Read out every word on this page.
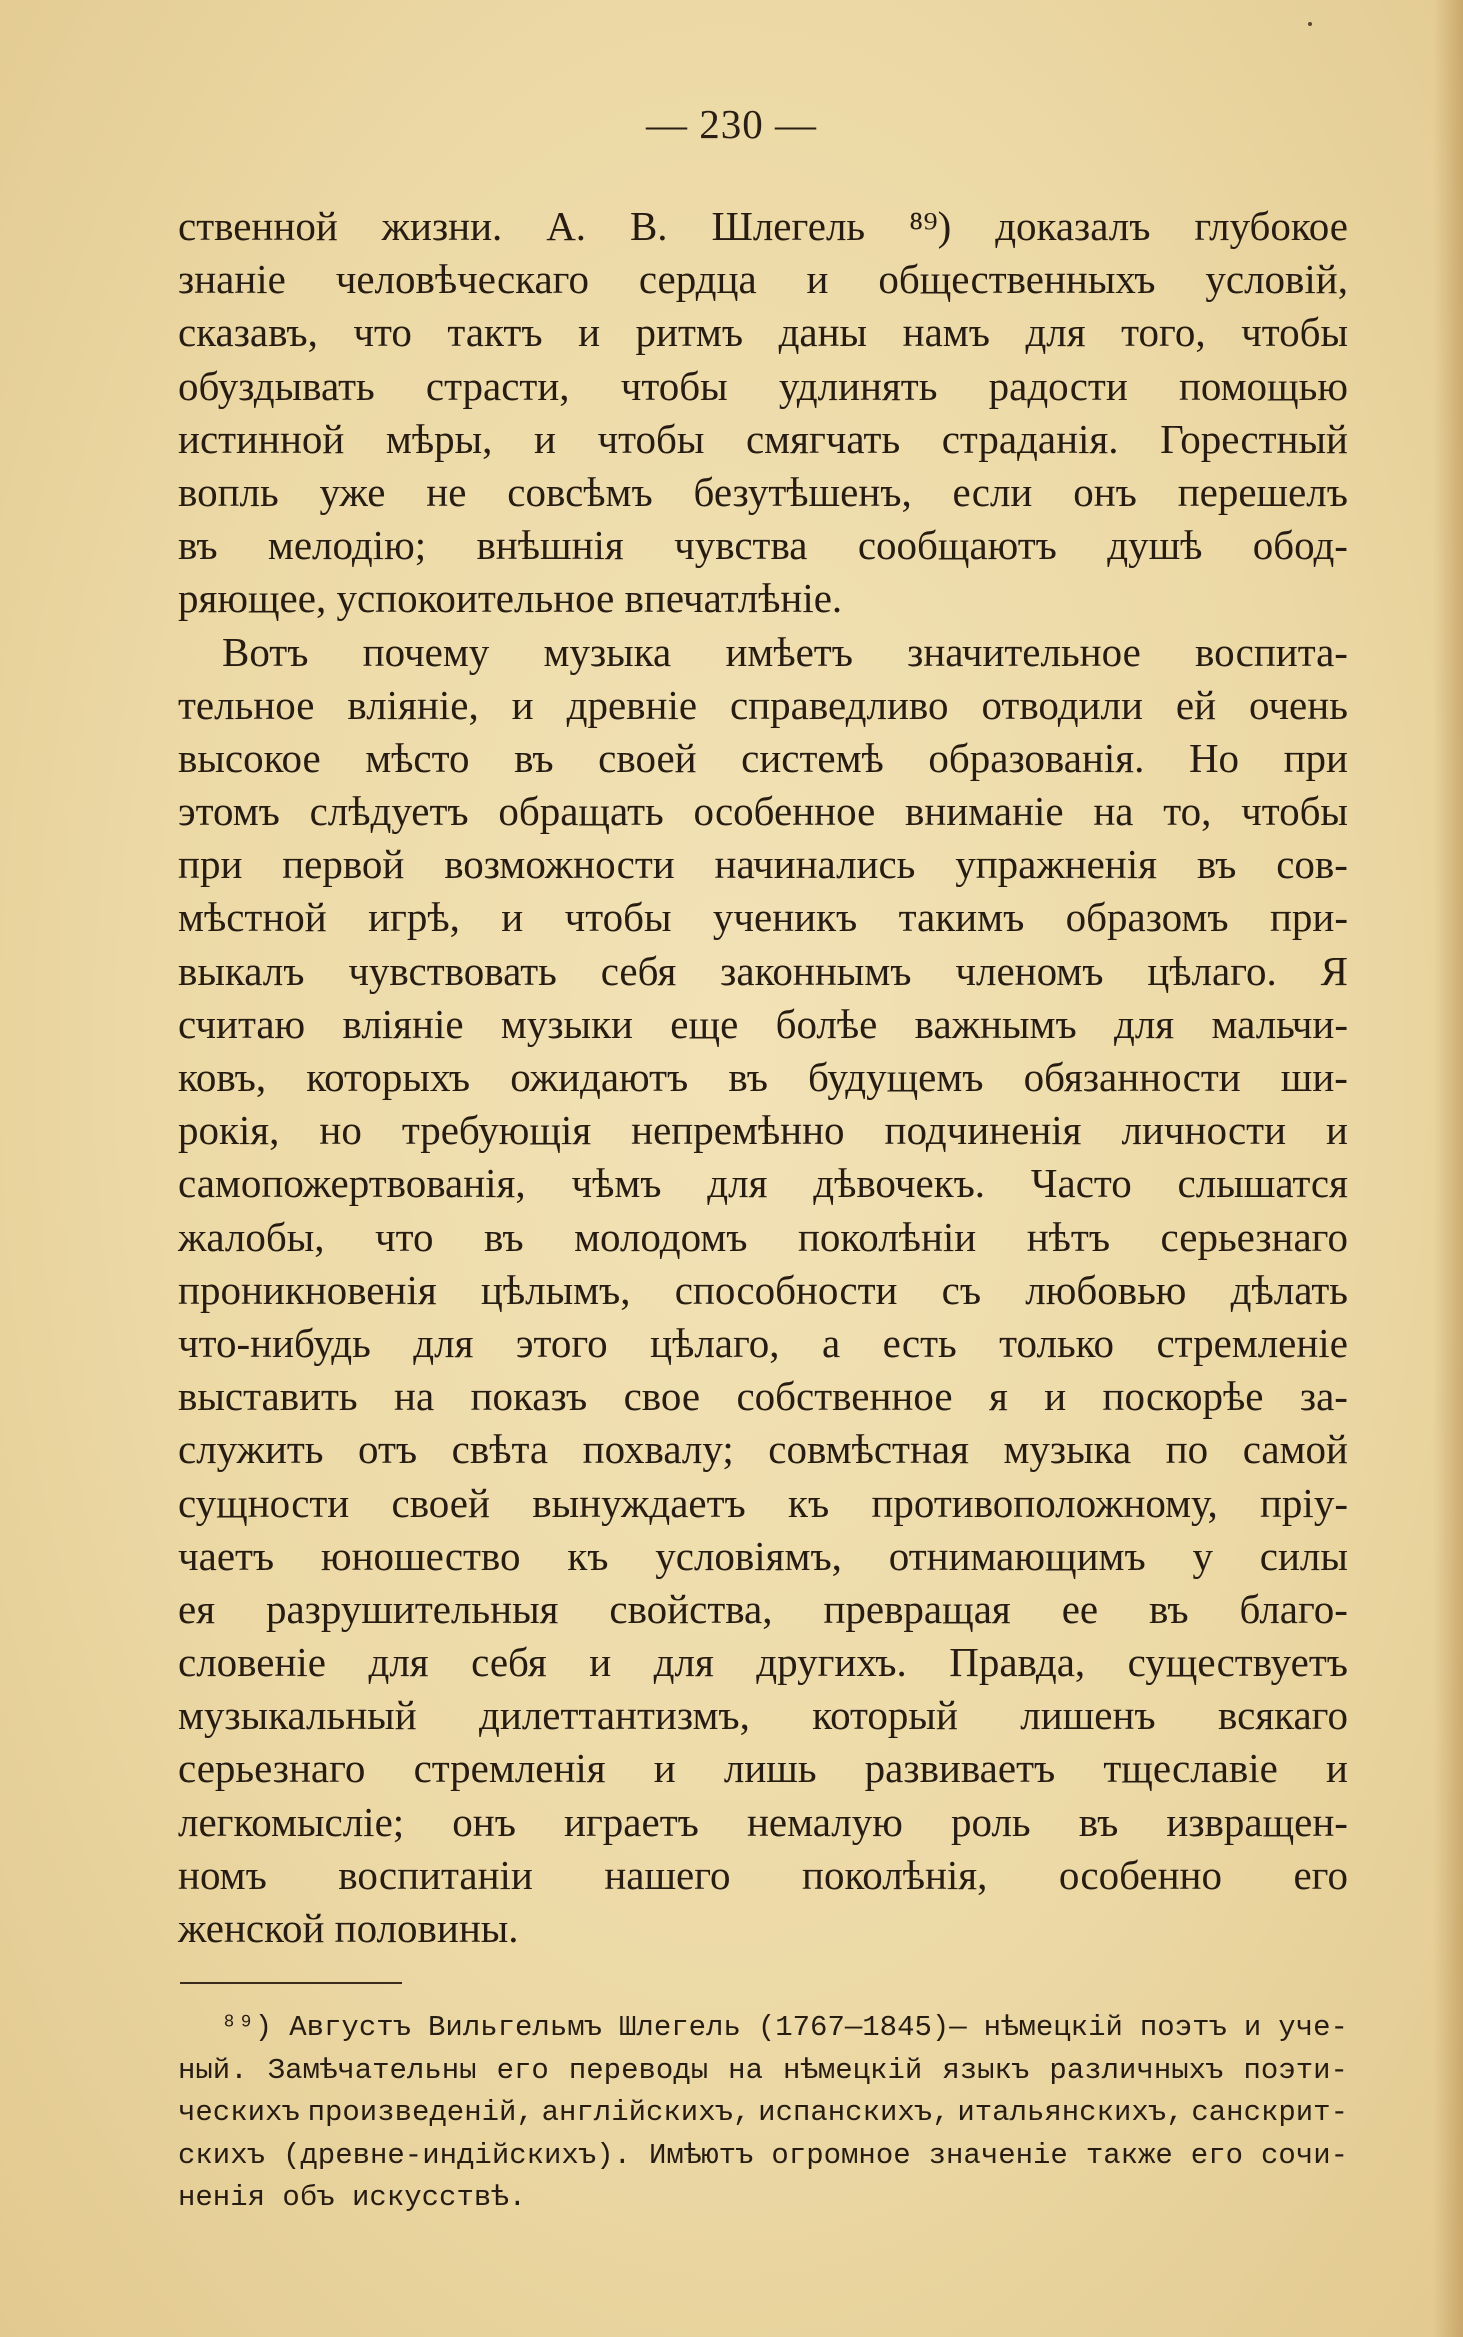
— 230 —
ственной жизни. А. В. Шлегель ⁸⁹) доказалъ глубокое
знаніе человѣческаго сердца и общественныхъ условій,
сказавъ, что тактъ и ритмъ даны намъ для того, чтобы
обуздывать страсти, чтобы удлинять радости помощью
истинной мѣры, и чтобы смягчать страданія. Горестный
вопль уже не совсѣмъ безутѣшенъ, если онъ перешелъ
въ мелодію; внѣшнія чувства сообщаютъ душѣ обод-
ряющее, успокоительное впечатлѣніе.
Вотъ почему музыка имѣетъ значительное воспита-
тельное вліяніе, и древніе справедливо отводили ей очень
высокое мѣсто въ своей системѣ образованія. Но при
этомъ слѣдуетъ обращать особенное вниманіе на то, чтобы
при первой возможности начинались упражненія въ сов-
мѣстной игрѣ, и чтобы ученикъ такимъ образомъ при-
выкалъ чувствовать себя законнымъ членомъ цѣлаго. Я
считаю вліяніе музыки еще болѣе важнымъ для мальчи-
ковъ, которыхъ ожидаютъ въ будущемъ обязанности ши-
рокія, но требующія непремѣнно подчиненія личности и
самопожертвованія, чѣмъ для дѣвочекъ. Часто слышатся
жалобы, что въ молодомъ поколѣніи нѣтъ серьезнаго
проникновенія цѣлымъ, способности съ любовью дѣлать
что-нибудь для этого цѣлаго, а есть только стремленіе
выставить на показъ свое собственное я и поскорѣе за-
служить отъ свѣта похвалу; совмѣстная музыка по самой
сущности своей вынуждаетъ къ противоположному, пріу-
чаетъ юношество къ условіямъ, отнимающимъ у силы
ея разрушительныя свойства, превращая ее въ благо-
словеніе для себя и для другихъ. Правда, существуетъ
музыкальный дилеттантизмъ, который лишенъ всякаго
серьезнаго стремленія и лишь развиваетъ тщеславіе и
легкомысліе; онъ играетъ немалую роль въ извращен-
номъ воспитаніи нашего поколѣнія, особенно его
женской половины.
⁸⁹) Августъ Вильгельмъ Шлегель (1767—1845)— нѣмецкій поэтъ и уче-
ный. Замѣчательны его переводы на нѣмецкій языкъ различныхъ поэти-
ческихъ произведеній, англійскихъ, испанскихъ, итальянскихъ, санскрит-
скихъ (древне-индійскихъ). Имѣютъ огромное значеніе также его сочи-
ненія объ искусствѣ.
